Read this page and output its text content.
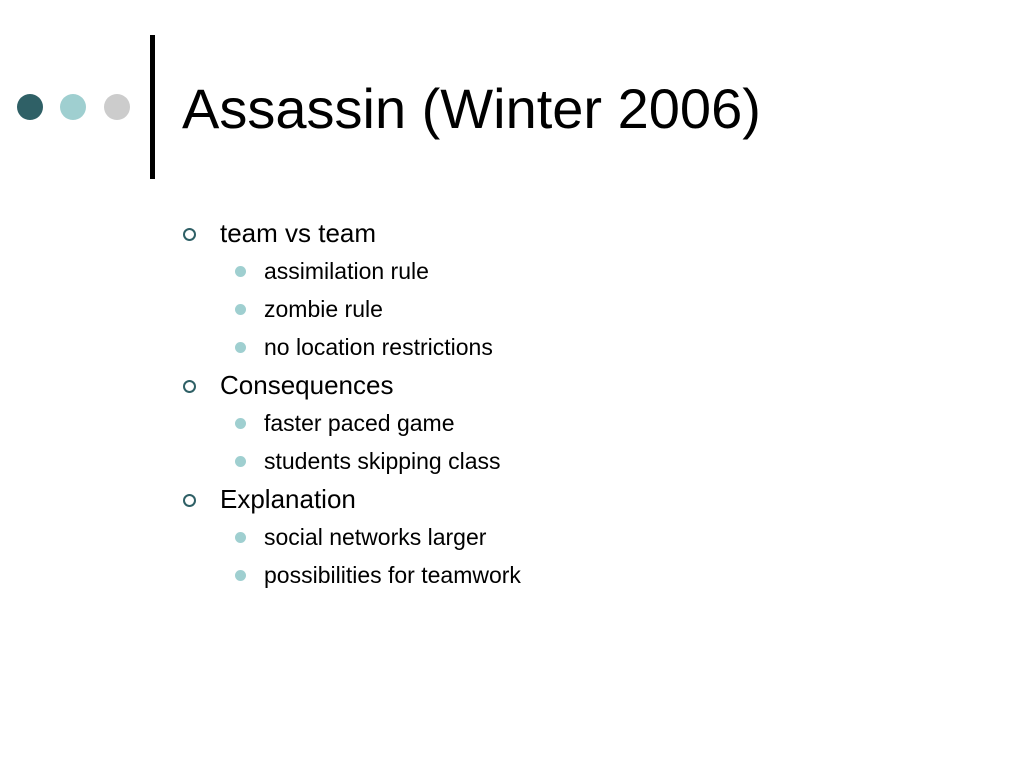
Assassin (Winter 2006)
team vs team
assimilation rule
zombie rule
no location restrictions
Consequences
faster paced game
students skipping class
Explanation
social networks larger
possibilities for teamwork
